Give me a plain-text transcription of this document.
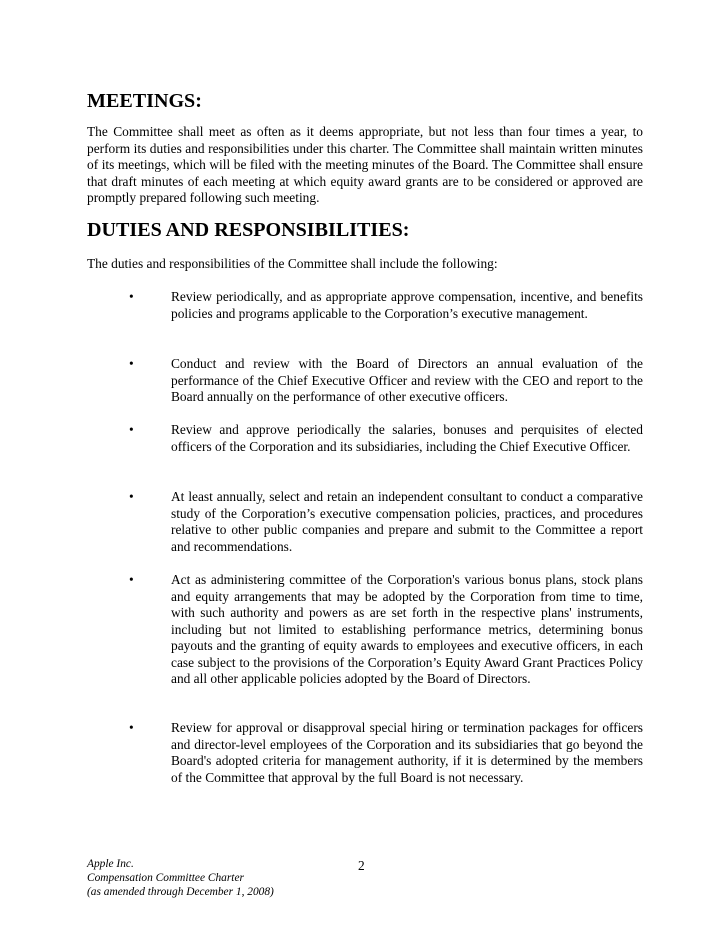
MEETINGS:

The Committee shall meet as often as it deems appropriate, but not less than four times a year, to perform its duties and responsibilities under this charter. The Committee shall maintain written minutes of its meetings, which will be filed with the meeting minutes of the Board. The Committee shall ensure that draft minutes of each meeting at which equity award grants are to be considered or approved are promptly prepared following such meeting.

DUTIES AND RESPONSIBILITIES:

The duties and responsibilities of the Committee shall include the following:

•	Review periodically, and as appropriate approve compensation, incentive, and benefits policies and programs applicable to the Corporation’s executive management.

•	Conduct and review with the Board of Directors an annual evaluation of the performance of the Chief Executive Officer and review with the CEO and report to the Board annually on the performance of other executive officers.

•	Review and approve periodically the salaries, bonuses and perquisites of elected officers of the Corporation and its subsidiaries, including the Chief Executive Officer.

•	At least annually, select and retain an independent consultant to conduct a comparative study of the Corporation’s executive compensation policies, practices, and procedures relative to other public companies and prepare and submit to the Committee a report and recommendations.

•	Act as administering committee of the Corporation's various bonus plans, stock plans and equity arrangements that may be adopted by the Corporation from time to time, with such authority and powers as are set forth in the respective plans' instruments, including but not limited to establishing performance metrics, determining bonus payouts and the granting of equity awards to employees and executive officers, in each case subject to the provisions of the Corporation’s Equity Award Grant Practices Policy and all other applicable policies adopted by the Board of Directors.

•	Review for approval or disapproval special hiring or termination packages for officers and director-level employees of the Corporation and its subsidiaries that go beyond the Board's adopted criteria for management authority, if it is determined by the members of the Committee that approval by the full Board is not necessary.

Apple Inc.
Compensation Committee Charter
(as amended through December 1, 2008)
2
